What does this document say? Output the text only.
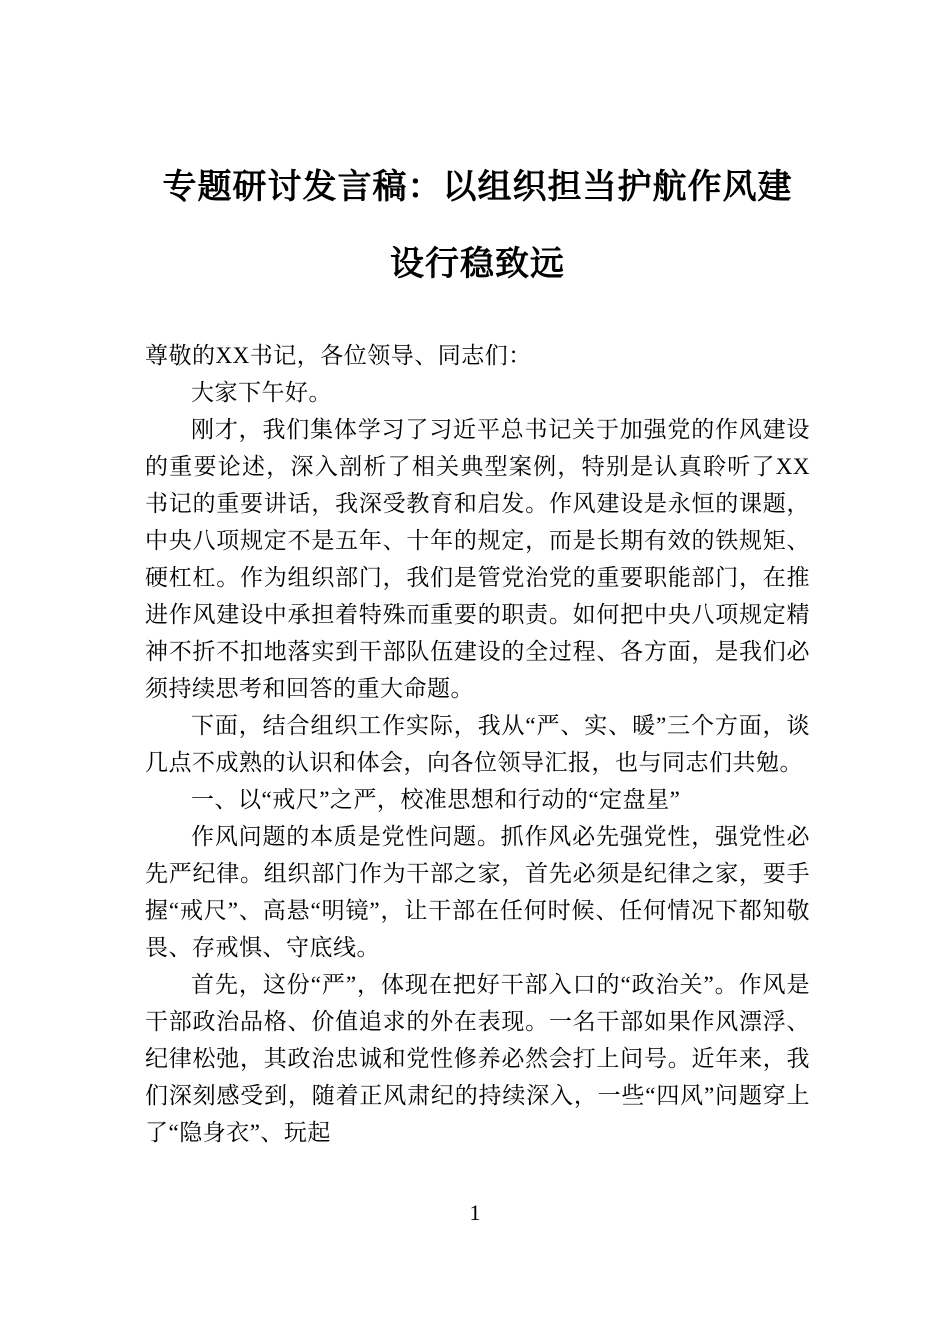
专题研讨发言稿：以组织担当护航作风建设行稳致远

尊敬的XX书记，各位领导、同志们：

大家下午好。

刚才，我们集体学习了习近平总书记关于加强党的作风建设的重要论述，深入剖析了相关典型案例，特别是认真聆听了XX书记的重要讲话，我深受教育和启发。作风建设是永恒的课题，中央八项规定不是五年、十年的规定，而是长期有效的铁规矩、硬杠杠。作为组织部门，我们是管党治党的重要职能部门，在推进作风建设中承担着特殊而重要的职责。如何把中央八项规定精神不折不扣地落实到干部队伍建设的全过程、各方面，是我们必须持续思考和回答的重大命题。

下面，结合组织工作实际，我从“严、实、暖”三个方面，谈几点不成熟的认识和体会，向各位领导汇报，也与同志们共勉。

一、以“戒尺”之严，校准思想和行动的“定盘星”

作风问题的本质是党性问题。抓作风必先强党性，强党性必先严纪律。组织部门作为干部之家，首先必须是纪律之家，要手握“戒尺”、高悬“明镜”，让干部在任何时候、任何情况下都知敬畏、存戒惧、守底线。

首先，这份“严”，体现在把好干部入口的“政治关”。作风是干部政治品格、价值追求的外在表现。一名干部如果作风漂浮、纪律松弛，其政治忠诚和党性修养必然会打上问号。近年来，我们深刻感受到，随着正风肃纪的持续深入，一些“四风”问题穿上了“隐身衣”、玩起

1
